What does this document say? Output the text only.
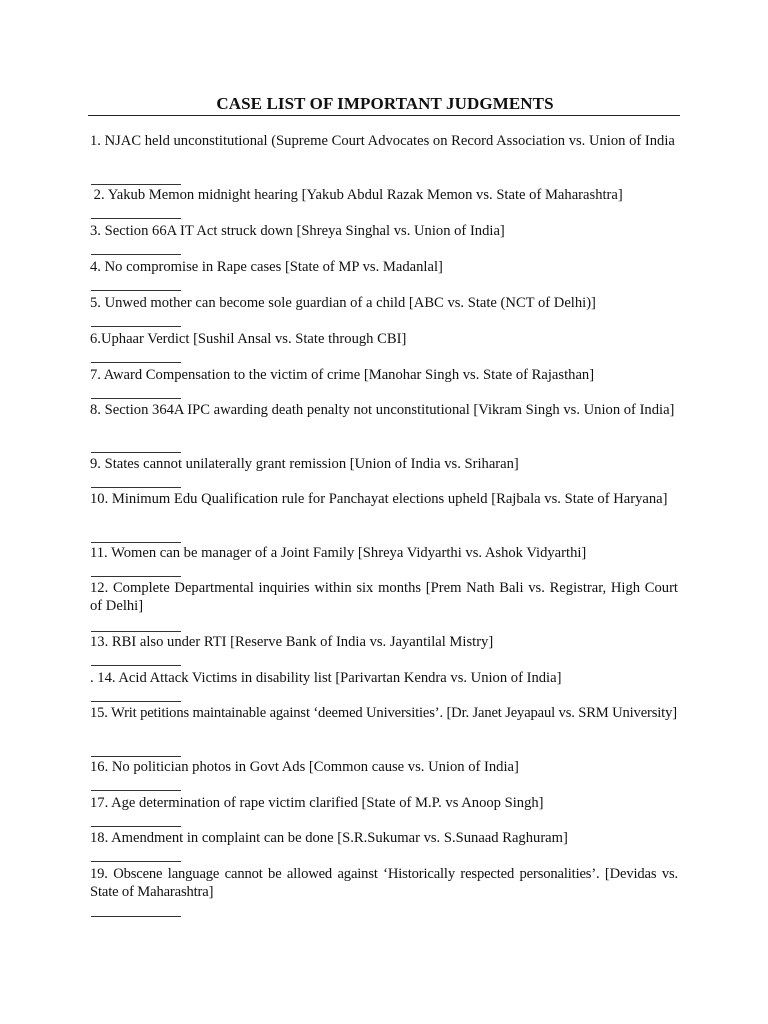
CASE LIST OF IMPORTANT JUDGMENTS
1. NJAC held unconstitutional (Supreme Court Advocates on Record Association vs. Union of India
2. Yakub Memon midnight hearing [Yakub Abdul Razak Memon vs. State of Maharashtra]
3. Section 66A IT Act struck down [Shreya Singhal vs. Union of India]
4. No compromise in Rape cases [State of MP vs. Madanlal]
5. Unwed mother can become sole guardian of a child [ABC vs. State (NCT of Delhi)]
6.Uphaar Verdict [Sushil Ansal vs. State through CBI]
7. Award Compensation to the victim of crime [Manohar Singh vs. State of Rajasthan]
8. Section 364A IPC awarding death penalty not unconstitutional [Vikram Singh vs. Union of India]
9. States cannot unilaterally grant remission [Union of India vs. Sriharan]
10. Minimum Edu Qualification rule for Panchayat elections upheld [Rajbala vs. State of Haryana]
11. Women can be manager of a Joint Family [Shreya Vidyarthi vs. Ashok Vidyarthi]
12. Complete Departmental inquiries within six months [Prem Nath Bali vs. Registrar, High Court of Delhi]
13. RBI also under RTI [Reserve Bank of India vs. Jayantilal Mistry]
. 14. Acid Attack Victims in disability list [Parivartan Kendra vs. Union of India]
15. Writ petitions maintainable against ‘deemed Universities’. [Dr. Janet Jeyapaul vs. SRM University]
16. No politician photos in Govt Ads [Common cause vs. Union of India]
17. Age determination of rape victim clarified [State of M.P. vs Anoop Singh]
18. Amendment in complaint can be done [S.R.Sukumar vs. S.Sunaad Raghuram]
19. Obscene language cannot be allowed against ‘Historically respected personalities’. [Devidas vs. State of Maharashtra]
